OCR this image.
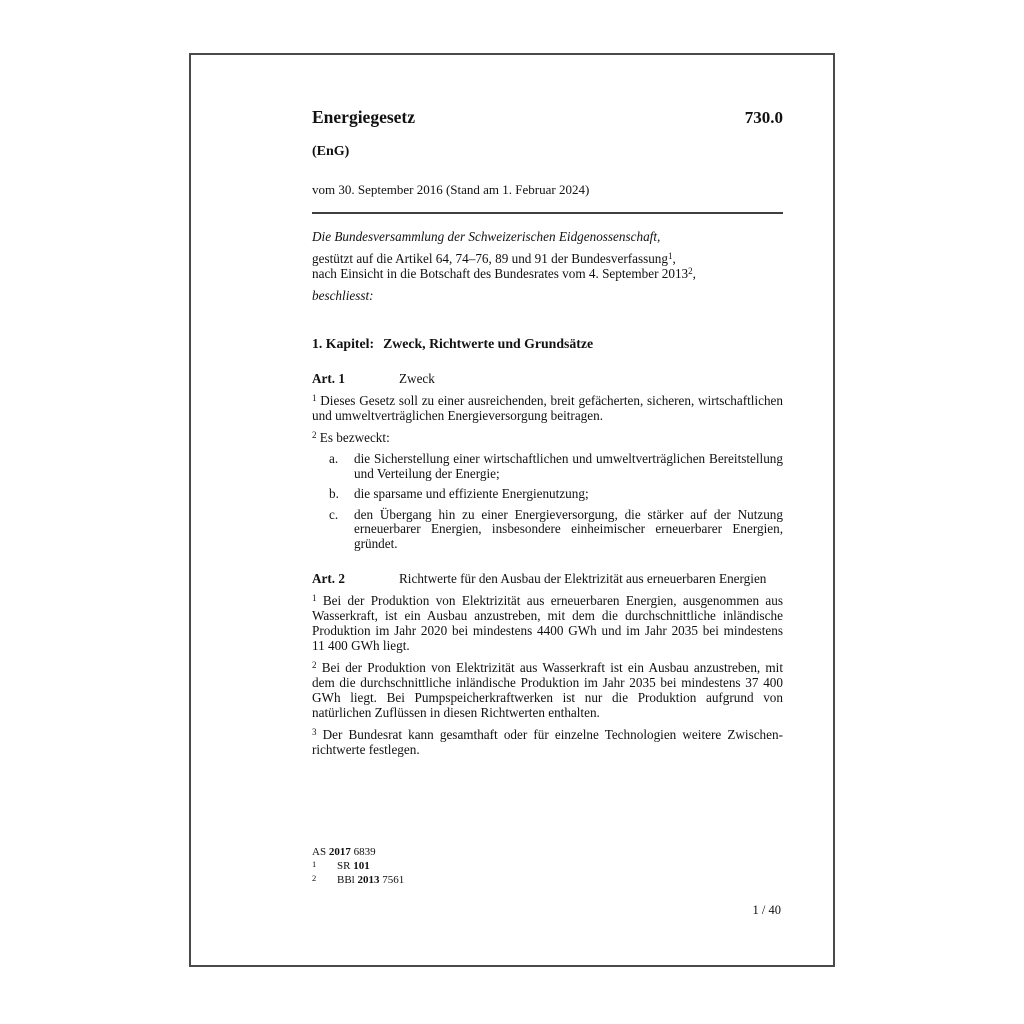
Energiegesetz	730.0
(EnG)
vom 30. September 2016 (Stand am 1. Februar 2024)

Die Bundesversammlung der Schweizerischen Eidgenossenschaft,

gestützt auf die Artikel 64, 74–76, 89 und 91 der Bundesverfassung$^1$,
nach Einsicht in die Botschaft des Bundesrates vom 4. September 2013$^2$,

beschliesst:

1. Kapitel: Zweck, Richtwerte und Grundsätze
Art. 1	Zweck

$^1$ Dieses Gesetz soll zu einer ausreichenden, breit gefächerten, sicheren, wirtschaftlichen und umweltverträglichen Energieversorgung beitragen.

$^2$ Es bezweckt:

a. die Sicherstellung einer wirtschaftlichen und umweltverträglichen Bereitstellung und Verteilung der Energie;
b. die sparsame und effiziente Energienutzung;
c. den Übergang hin zu einer Energieversorgung, die stärker auf der Nutzung erneuerbarer Energien, insbesondere einheimischer erneuerbarer Energien, gründet.
Art. 2	Richtwerte für den Ausbau der Elektrizität aus erneuerbaren Energien

$^1$ Bei der Produktion von Elektrizität aus erneuerbaren Energien, ausgenommen aus Wasserkraft, ist ein Ausbau anzustreben, mit dem die durchschnittliche inländische Produktion im Jahr 2020 bei mindestens 4400 GWh und im Jahr 2035 bei mindestens 11 400 GWh liegt.

$^2$ Bei der Produktion von Elektrizität aus Wasserkraft ist ein Ausbau anzustreben, mit dem die durchschnittliche inländische Produktion im Jahr 2035 bei mindestens 37 400 GWh liegt. Bei Pumpspeicherkraftwerken ist nur die Produktion aufgrund von natürlichen Zuflüssen in diesen Richtwerten enthalten.

$^3$ Der Bundesrat kann gesamthaft oder für einzelne Technologien weitere Zwischenrichtwerte festlegen.

AS 2017 6839
1 SR 101
2 BBl 2013 7561
1 / 40
